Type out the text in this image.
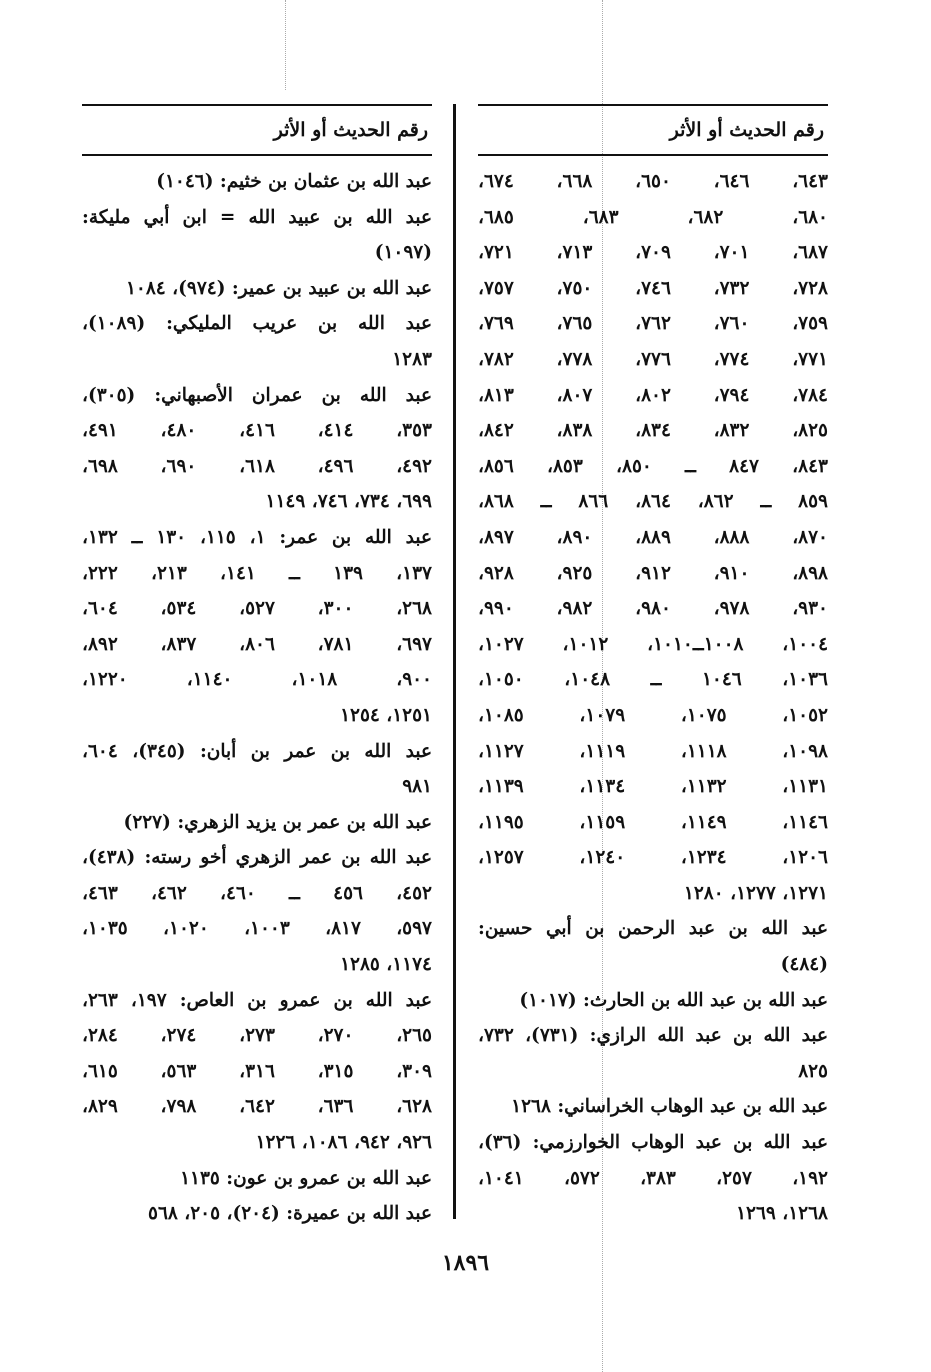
رقم الحديث أو الأثر
٦٤٣، ٦٤٦، ٦٥٠، ٦٦٨، ٦٧٤،
٦٨٠، ٦٨٢، ٦٨٣، ٦٨٥،
٦٨٧، ٧٠١، ٧٠٩، ٧١٣، ٧٢١،
٧٢٨، ٧٣٢، ٧٤٦، ٧٥٠، ٧٥٧،
٧٥٩، ٧٦٠، ٧٦٢، ٧٦٥، ٧٦٩،
٧٧١، ٧٧٤، ٧٧٦، ٧٧٨، ٧٨٢،
٧٨٤، ٧٩٤، ٨٠٢، ٨٠٧، ٨١٣،
٨٢٥، ٨٣٢، ٨٣٤، ٨٣٨، ٨٤٢،
٨٤٣، ٨٤٧ ــ ٨٥٠، ٨٥٣، ٨٥٦،
٨٥٩ ــ ٨٦٢، ٨٦٤، ٨٦٦ ــ ٨٦٨،
٨٧٠، ٨٨٨، ٨٨٩، ٨٩٠، ٨٩٧،
٨٩٨، ٩١٠، ٩١٢، ٩٢٥، ٩٢٨،
٩٣٠، ٩٧٨، ٩٨٠، ٩٨٢، ٩٩٠،
١٠٠٤، ١٠٠٨ــ١٠١٠، ١٠١٢، ١٠٢٧،
١٠٣٦، ١٠٤٦ ــ ١٠٤٨، ١٠٥٠،
١٠٥٢، ١٠٧٥، ١٠٧٩، ١٠٨٥،
١٠٩٨، ١١١٨، ١١١٩، ١١٢٧،
١١٣١، ١١٣٢، ١١٣٤، ١١٣٩،
١١٤٦، ١١٤٩، ١١٥٩، ١١٩٥،
١٢٠٦، ١٢٣٤، ١٢٤٠، ١٢٥٧،
١٢٧١، ١٢٧٧، ١٢٨٠
عبد الله بن عبد الرحمن بن أبي حسين:
(٤٨٤)
عبد الله بن عبد الله بن الحارث: (١٠١٧)
عبد الله بن عبد الله الرازي: (٧٣١)، ٧٣٢،
٨٢٥
عبد الله بن عبد الوهاب الخراساني: ١٢٦٨
عبد الله بن عبد الوهاب الخوارزمي: (٣٦)،
١٩٢، ٢٥٧، ٣٨٣، ٥٧٢، ١٠٤١،
١٢٦٨، ١٢٦٩
رقم الحديث أو الأثر
عبد الله بن عثمان بن خثيم: (١٠٤٦)
عبد الله بن عبيد الله = ابن أبي مليكة:
(١٠٩٧)
عبد الله بن عبيد بن عمير: (٩٧٤)، ١٠٨٤
عبد الله بن عريب المليكي: (١٠٨٩)،
١٢٨٣
عبد الله بن عمران الأصبهاني: (٣٠٥)،
٣٥٣، ٤١٤، ٤١٦، ٤٨٠، ٤٩١،
٤٩٢، ٤٩٦، ٦١٨، ٦٩٠، ٦٩٨،
٦٩٩، ٧٣٤، ٧٤٦، ١١٤٩
عبد الله بن عمر: ١، ١١٥، ١٣٠ ــ ١٣٢،
١٣٧، ١٣٩ ــ ١٤١، ٢١٣، ٢٢٢،
٢٦٨، ٣٠٠، ٥٢٧، ٥٣٤، ٦٠٤،
٦٩٧، ٧٨١، ٨٠٦، ٨٣٧، ٨٩٢،
٩٠٠، ١٠١٨، ١١٤٠، ١٢٢٠،
١٢٥١، ١٢٥٤
عبد الله بن عمر بن أبان: (٣٤٥)، ٦٠٤،
٩٨١
عبد الله بن عمر بن يزيد الزهري: (٢٢٧)
عبد الله بن عمر الزهري أخو رسته: (٤٣٨)،
٤٥٢، ٤٥٦ ــ ٤٦٠، ٤٦٢، ٤٦٣،
٥٩٧، ٨١٧، ١٠٠٣، ١٠٢٠، ١٠٣٥،
١١٧٤، ١٢٨٥
عبد الله بن عمرو بن العاص: ١٩٧، ٢٦٣،
٢٦٥، ٢٧٠، ٢٧٣، ٢٧٤، ٢٨٤،
٣٠٩، ٣١٥، ٣١٦، ٥٦٣، ٦١٥،
٦٢٨، ٦٣٦، ٦٤٢، ٧٩٨، ٨٢٩،
٩٢٦، ٩٤٢، ١٠٨٦، ١٢٢٦
عبد الله بن عمرو بن عون: ١١٣٥
عبد الله بن عميرة: (٢٠٤)، ٢٠٥، ٥٦٨
١٨٩٦
